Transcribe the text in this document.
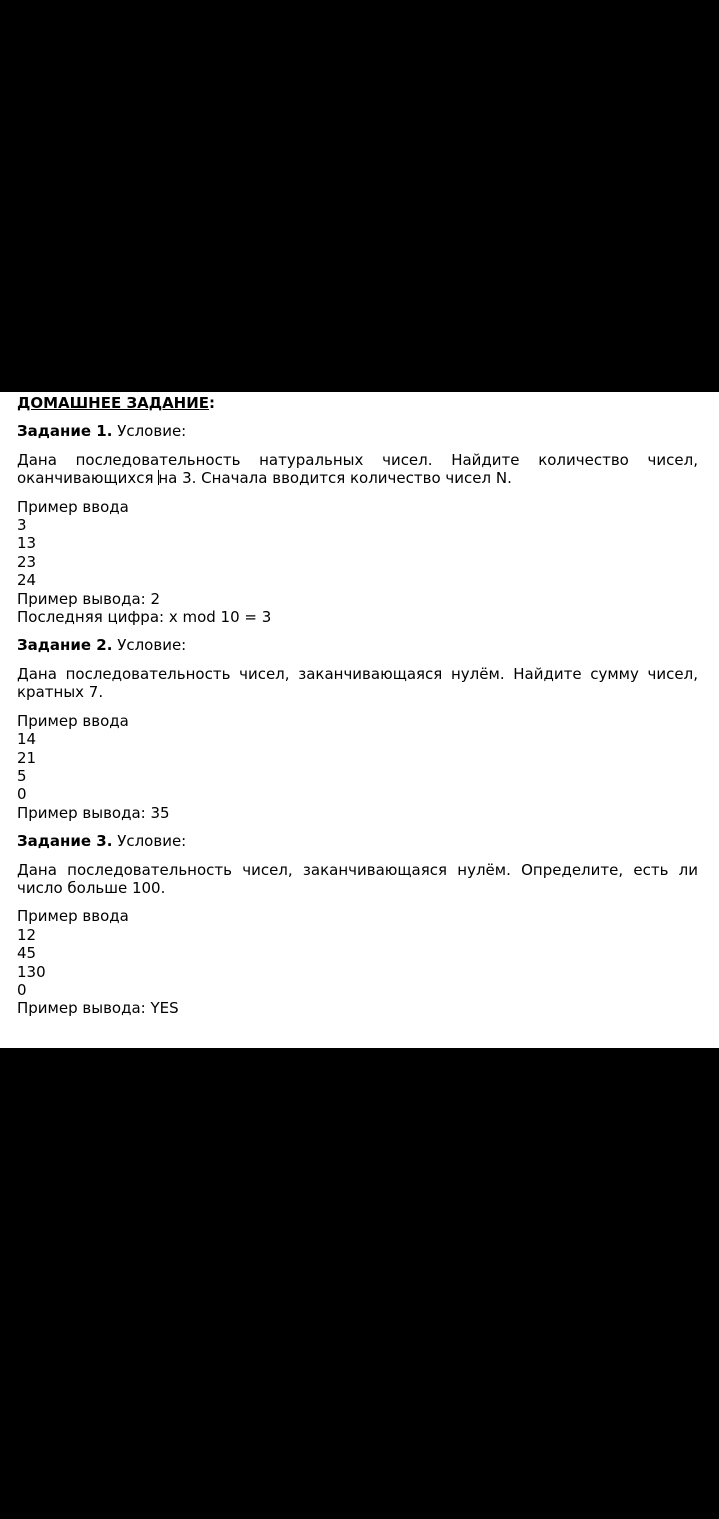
ДОМАШНЕЕ ЗАДАНИЕ:
Задание 1. Условие:
Дана последовательность натуральных чисел. Найдите количество чисел, оканчивающихся на 3. Сначала вводится количество чисел N.
Пример ввода
3
13
23
24
Пример вывода: 2
Последняя цифра: x mod 10 = 3
Задание 2. Условие:
Дана последовательность чисел, заканчивающаяся нулём. Найдите сумму чисел, кратных 7.
Пример ввода
14
21
5
0
Пример вывода: 35
Задание 3. Условие:
Дана последовательность чисел, заканчивающаяся нулём. Определите, есть ли число больше 100.
Пример ввода
12
45
130
0
Пример вывода: YES
